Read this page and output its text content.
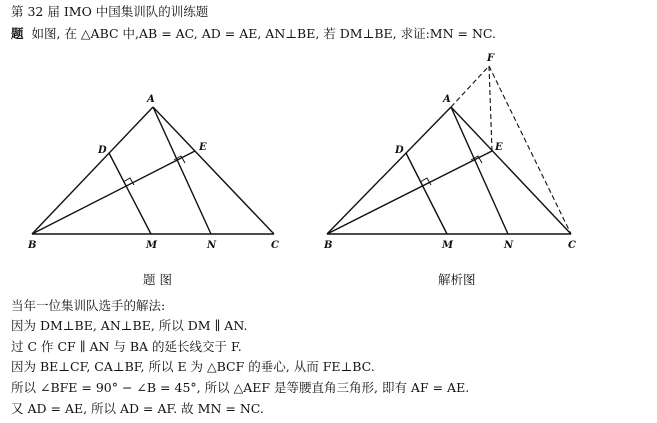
第 32 届 IMO 中国集训队的训练题
题 如图, 在 △ABC 中,AB = AC, AD = AE, AN⊥BE, 若 DM⊥BE, 求证:MN = NC.
A
D	E
B	M	N	C
F
A
D	E
B	M	N	C
题 图	解析图
当年一位集训队选手的解法:
因为 DM⊥BE, AN⊥BE, 所以 DM ∥ AN.
过 C 作 CF ∥ AN 与 BA 的延长线交于 F.
因为 BE⊥CF, CA⊥BF, 所以 E 为 △BCF 的垂心, 从而 FE⊥BC.
所以 ∠BFE = 90° − ∠B = 45°, 所以 △AEF 是等腰直角三角形, 即有 AF = AE.
又 AD = AE, 所以 AD = AF. 故 MN = NC.
